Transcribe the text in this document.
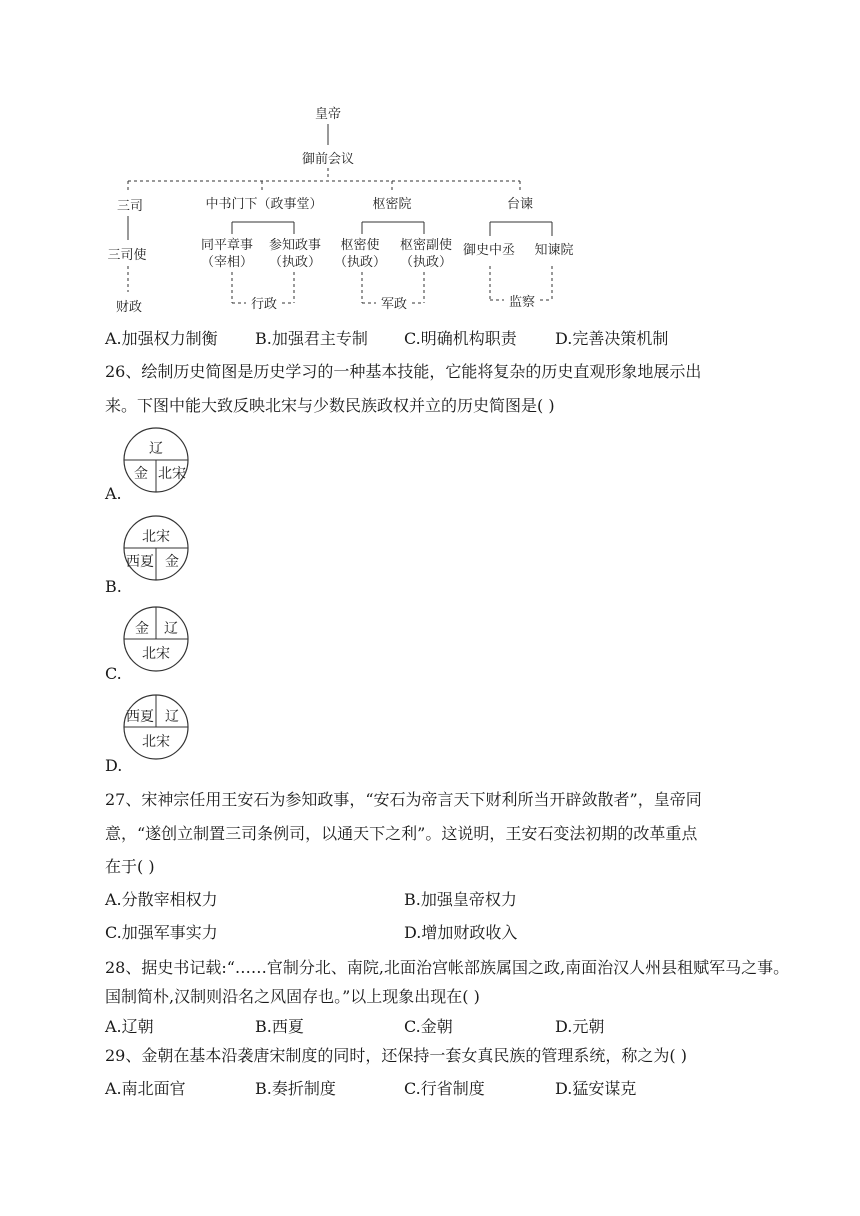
皇帝
御前会议
三司
三司使
财政
中书门下（政事堂）
同平章事
（宰相）
参知政事
（执政）
行政
枢密院
枢密使
（执政）
枢密副使
（执政）
军政
台谏
御史中丞 知谏院
监察
A.加强权力制衡 B.加强君主专制 C.明确机构职责 D.完善决策机制
26、绘制历史简图是历史学习的一种基本技能，它能将复杂的历史直观形象地展示出
来。下图中能大致反映北宋与少数民族政权并立的历史简图是( )
辽
金 北宋
A.
北宋
西夏 金
B.
金 辽
北宋
C.
西夏 辽
北宋
D.
27、宋神宗任用王安石为参知政事，“安石为帝言天下财利所当开辟敛散者”，皇帝同
意，“遂创立制置三司条例司，以通天下之利”。这说明，王安石变法初期的改革重点
在于( )
A.分散宰相权力	B.加强皇帝权力
C.加强军事实力	D.增加财政收入
28、据史书记载:“……官制分北、南院,北面治宫帐部族属国之政,南面治汉人州县租赋军马之事。
国制简朴,汉制则沿名之风固存也。”以上现象出现在( )
A.辽朝	B.西夏	C.金朝	D.元朝
29、金朝在基本沿袭唐宋制度的同时，还保持一套女真民族的管理系统，称之为( )
A.南北面官	B.奏折制度	C.行省制度	D.猛安谋克
